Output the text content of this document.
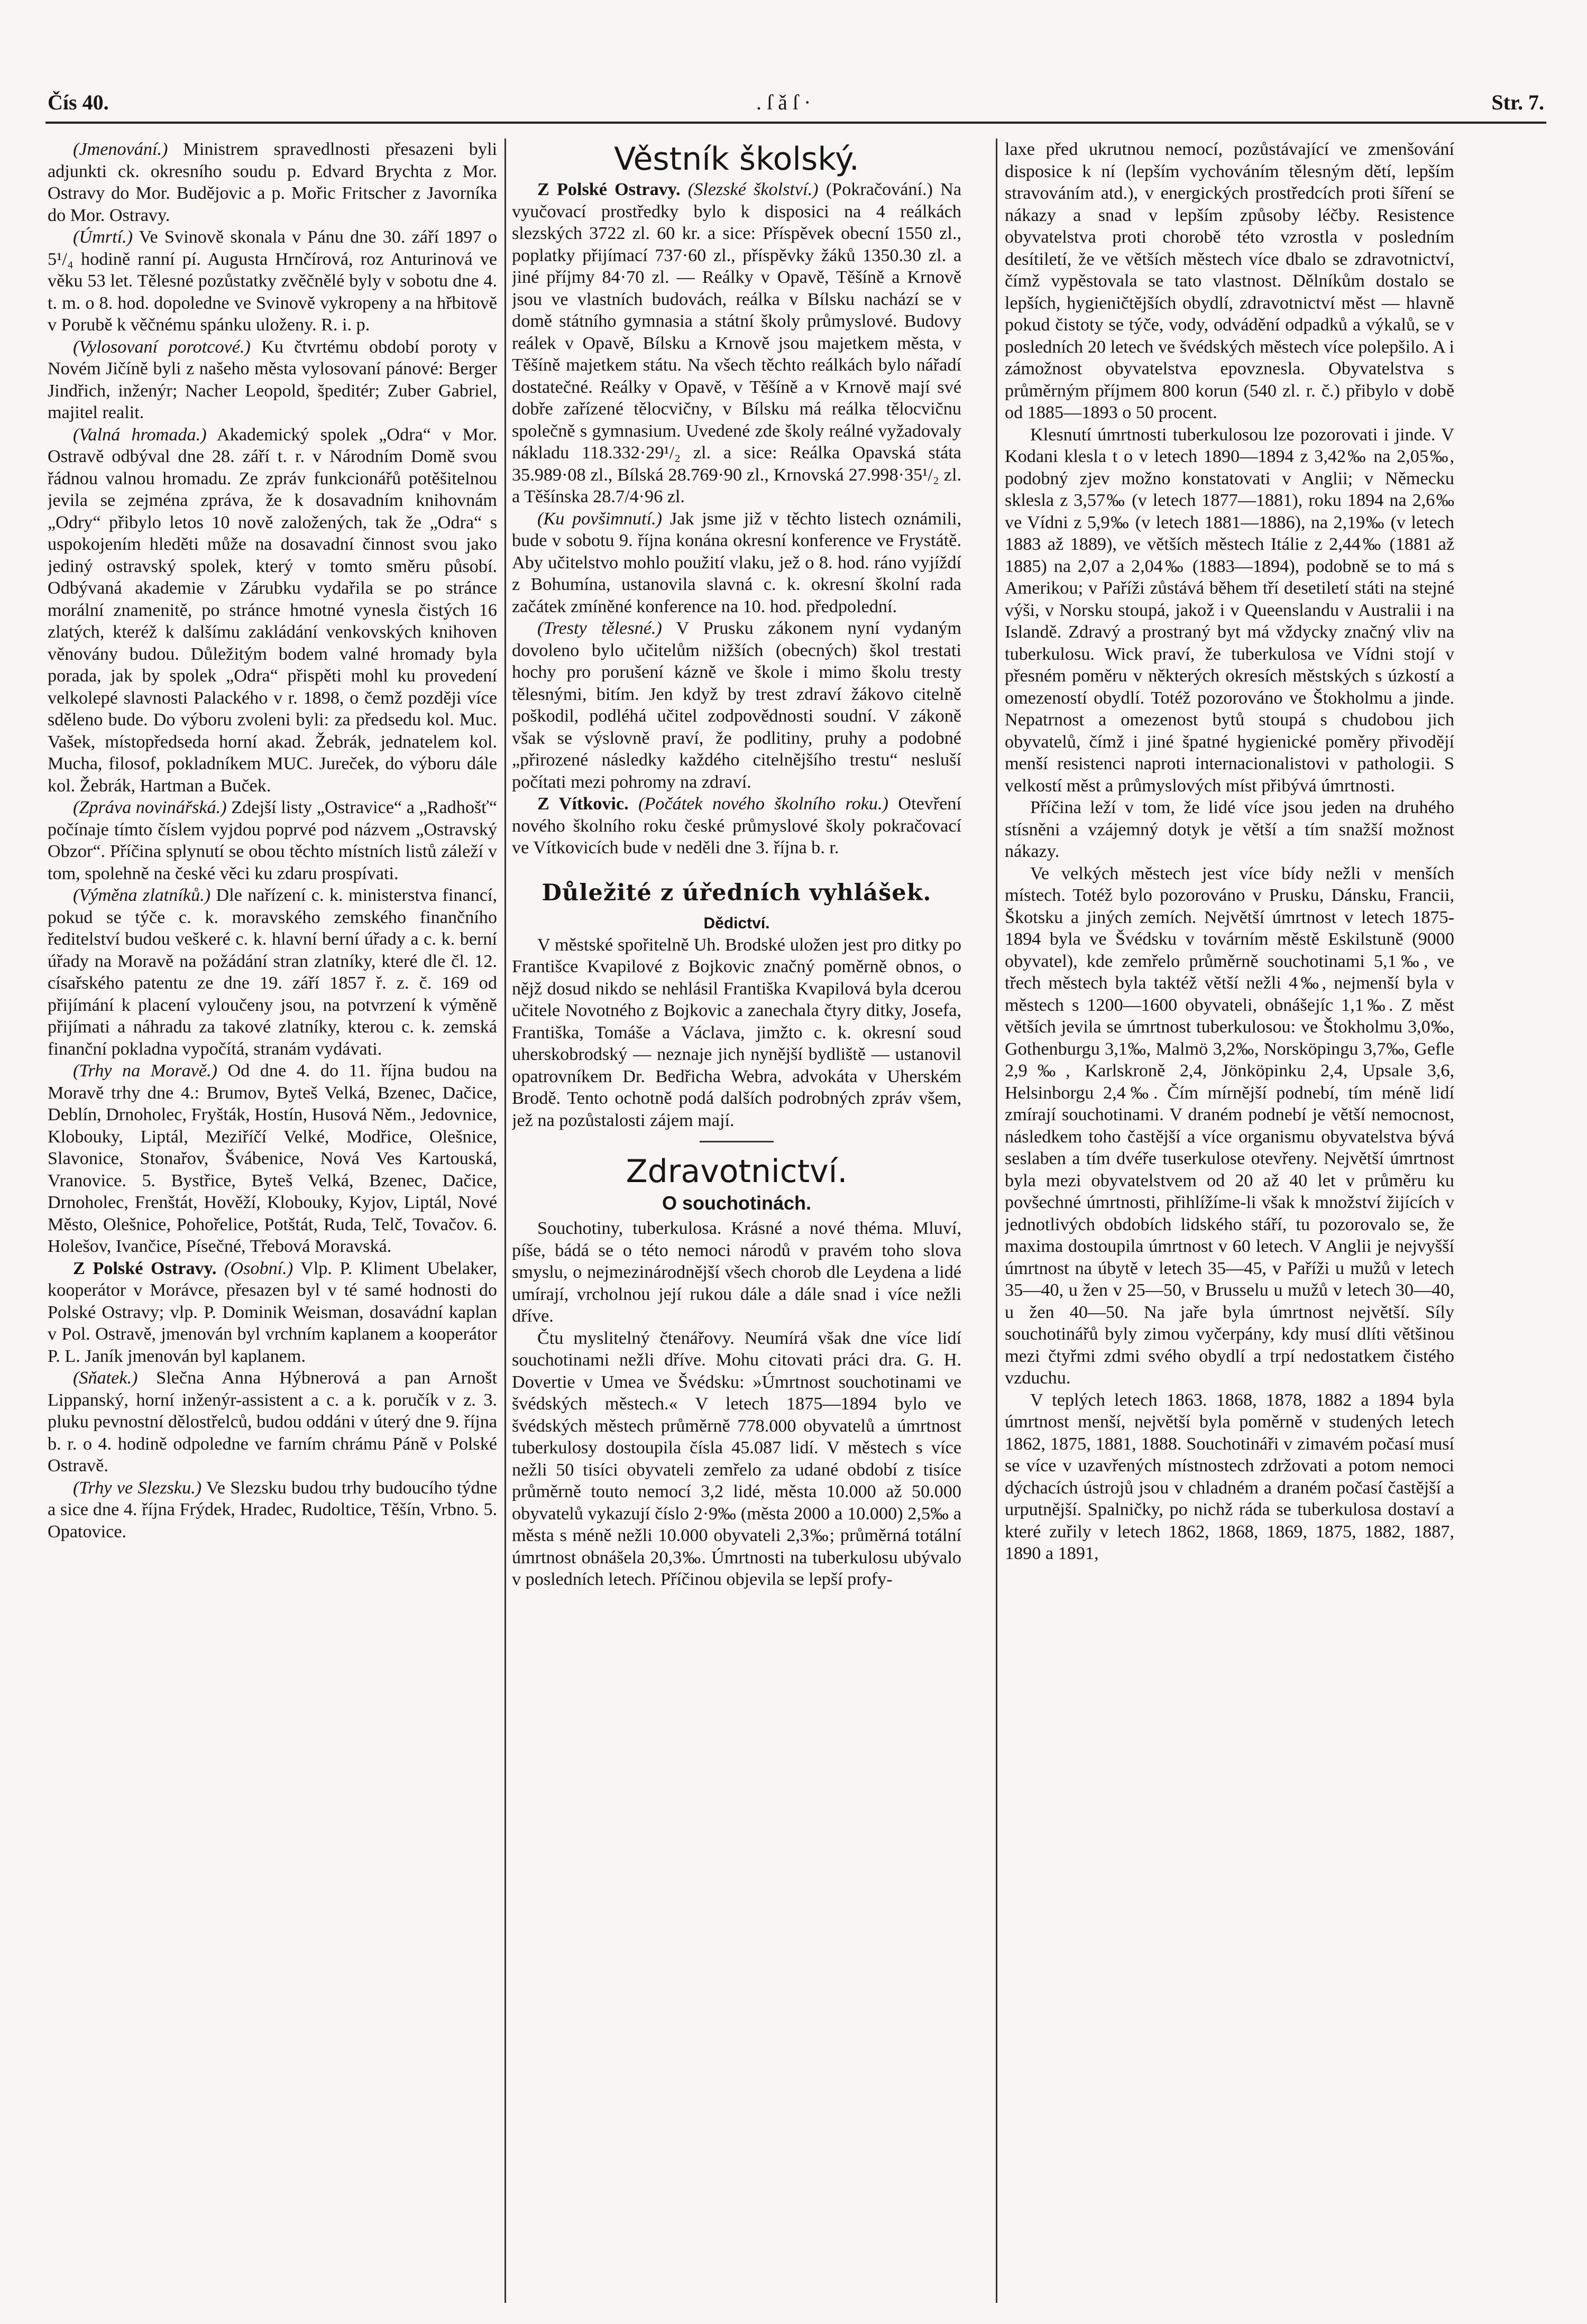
Čís 40.	. ſ ǎ ſ ·	Str. 7.

(Jmenování.) Ministrem spravedlnosti přesazeni byli adjunkti ck. okresního soudu p. Edvard Brychta z Mor. Ostravy do Mor. Budějovic a p. Mořic Fritscher z Javorníka do Mor. Ostravy.

(Úmrtí.) Ve Svinově skonala v Pánu dne 30. září 1897 o 5¹/₄ hodině ranní pí. Augusta Hrnčírová, roz Anturinová ve věku 53 let. Tělesné pozůstatky zvěčnělé byly v sobotu dne 4. t. m. o 8. hod. dopoledne ve Svinově vykropeny a na hřbitově v Porubě k věčnému spánku uloženy. R. i. p.

(Vylosovaní porotcové.) Ku čtvrtému období poroty v Novém Jičíně byli z našeho města vylosovaní pánové: Berger Jindřich, inženýr; Nacher Leopold, špeditér; Zuber Gabriel, majitel realit.

(Valná hromada.) Akademický spolek „Odra“ v Mor. Ostravě odbýval dne 28. září t. r. v Národním Domě svou řádnou valnou hromadu. Ze zpráv funkcionářů potěšitelnou jevila se zejména zpráva, že k dosavadním knihovnám „Odry“ přibylo letos 10 nově založených, tak že „Odra“ s uspokojením hleděti může na dosavadní činnost svou jako jediný ostravský spolek, který v tomto směru působí. Odbývaná akademie v Zárubku vydařila se po stránce morální znamenitě, po stránce hmotné vynesla čistých 16 zlatých, kteréž k dalšímu zakládání venkovských knihoven věnovány budou. Důležitým bodem valné hromady byla porada, jak by spolek „Odra“ přispěti mohl ku provedení velkolepé slavnosti Palackého v r. 1898, o čemž později více sděleno bude. Do výboru zvoleni byli: za předsedu kol. Muc. Vašek, místopředseda horní akad. Žebrák, jednatelem kol. Mucha, filosof, pokladníkem MUC. Jureček, do výboru dále kol. Žebrák, Hartman a Buček.

(Zpráva novinářská.) Zdejší listy „Ostravice“ a „Radhošť“ počínaje tímto číslem vyjdou poprvé pod názvem „Ostravský Obzor“. Příčina splynutí se obou těchto místních listů záleží v tom, spolehně na české věci ku zdaru prospívati.

(Výměna zlatníků.) Dle nařízení c. k. ministerstva financí, pokud se týče c. k. moravského zemského finančního ředitelství budou veškeré c. k. hlavní berní úřady a c. k. berní úřady na Moravě na požádání stran zlatníky, které dle čl. 12. císařského patentu ze dne 19. září 1857 ř. z. č. 169 od přijímání k placení vyloučeny jsou, na potvrzení k výměně přijímati a náhradu za takové zlatníky, kterou c. k. zemská finanční pokladna vypočítá, stranám vydávati.

(Trhy na Moravě.) Od dne 4. do 11. října budou na Moravě trhy dne 4.: Brumov, Byteš Velká, Bzenec, Dačice, Deblín, Drnoholec, Fryšták, Hostín, Husová Něm., Jedovnice, Klobouky, Liptál, Meziříčí Velké, Modřice, Olešnice, Slavonice, Stonařov, Švábenice, Nová Ves Kartouská, Vranovice. 5. Bystřice, Byteš Velká, Bzenec, Dačice, Drnoholec, Frenštát, Hověží, Klobouky, Kyjov, Liptál, Nové Město, Olešnice, Pohořelice, Potštát, Ruda, Telč, Tovačov. 6. Holešov, Ivančice, Písečné, Třebová Moravská.

Z Polské Ostravy. (Osobní.) Vlp. P. Kliment Ubelaker, kooperátor v Morávce, přesazen byl v té samé hodnosti do Polské Ostravy; vlp. P. Dominik Weisman, dosavádní kaplan v Pol. Ostravě, jmenován byl vrchním kaplanem a kooperátor P. L. Janík jmenován byl kaplanem.

(Sňatek.) Slečna Anna Hýbnerová a pan Arnošt Lippanský, horní inženýr-assistent a c. a k. poručík v z. 3. pluku pevnostní dělostřelců, budou oddáni v úterý dne 9. října b. r. o 4. hodině odpoledne ve farním chrámu Páně v Polské Ostravě.

(Trhy ve Slezsku.) Ve Slezsku budou trhy budoucího týdne a sice dne 4. října Frýdek, Hradec, Rudoltice, Těšín, Vrbno. 5. Opatovice.

Věstník školský.

Z Polské Ostravy. (Slezské školství.) (Pokračování.) Na vyučovací prostředky bylo k disposici na 4 reálkách slezských 3722 zl. 60 kr. a sice: Příspěvek obecní 1550 zl., poplatky přijímací 737·60 zl., příspěvky žáků 1350.30 zl. a jiné příjmy 84·70 zl. — Reálky v Opavě, Těšíně a Krnově jsou ve vlastních budovách, reálka v Bílsku nachází se v domě státního gymnasia a státní školy průmyslové. Budovy reálek v Opavě, Bílsku a Krnově jsou majetkem města, v Těšíně majetkem státu. Na všech těchto reálkách bylo nářadí dostatečné. Reálky v Opavě, v Těšíně a v Krnově mají své dobře zařízené tělocvičny, v Bílsku má reálka tělocvičnu společně s gymnasium. Uvedené zde školy reálné vyžadovaly nákladu 118.332·29¹/₂ zl. a sice: Reálka Opavská státa 35.989·08 zl., Bílská 28.769·90 zl., Krnovská 27.998·35¹/₂ zl. a Těšínska 28.7/4·96 zl.

(Ku povšimnutí.) Jak jsme již v těchto listech oznámili, bude v sobotu 9. října konána okresní konference ve Frystátě. Aby učitelstvo mohlo použití vlaku, jež o 8. hod. ráno vyjíždí z Bohumína, ustanovila slavná c. k. okresní školní rada začátek zmíněné konference na 10. hod. předpolední.

(Tresty tělesné.) V Prusku zákonem nyní vydaným dovoleno bylo učitelům nižších (obecných) škol trestati hochy pro porušení kázně ve škole i mimo školu tresty tělesnými, bitím. Jen když by trest zdraví žákovo citelně poškodil, podléhá učitel zodpovědnosti soudní. V zákoně však se výslovně praví, že podlitiny, pruhy a podobné „přirozené následky každého citelnějšího trestu“ nesluší počítati mezi pohromy na zdraví.

Z Vítkovic. (Počátek nového školního roku.) Otevření nového školního roku české průmyslové školy pokračovací ve Vítkovicích bude v neděli dne 3. října b. r.

Důležité z úředních vyhlášek.
Dědictví.

V městské spořitelně Uh. Brodské uložen jest pro ditky po Františce Kvapilové z Bojkovic značný poměrně obnos, o nějž dosud nikdo se nehlásil Františka Kvapilová byla dcerou učitele Novotného z Bojkovic a zanechala čtyry ditky, Josefa, Františka, Tomáše a Václava, jimžto c. k. okresní soud uherskobrodský — neznaje jich nynější bydliště — ustanovil opatrovníkem Dr. Bedřicha Webra, advokáta v Uherském Brodě. Tento ochotně podá dalších podrobných zpráv všem, jež na pozůstalosti zájem mají.

Zdravotnictví.
O souchotinách.

Souchotiny, tuberkulosa. Krásné a nové théma. Mluví, píše, bádá se o této nemoci národů v pravém toho slova smyslu, o nejmezinárodnější všech chorob dle Leydena a lidé umírají, vrcholnou její rukou dále a dále snad i více nežli dříve.

Čtu myslitelný čtenářovy. Neumírá však dne více lidí souchotinami nežli dříve. Mohu citovati práci dra. G. H. Dovertie v Umea ve Švédsku: »Úmrtnost souchotinami ve švédských městech.« V letech 1875—1894 bylo ve švédských městech průměrně 778.000 obyvatelů a úmrtnost tuberkulosy dostoupila čísla 45.087 lidí. V městech s více nežli 50 tisíci obyvateli zemřelo za udané období z tisíce průměrně touto nemocí 3,2 lidé, města 10.000 až 50.000 obyvatelů vykazují číslo 2·9‰ (města 2000 a 10.000) 2,5‰ a města s méně nežli 10.000 obyvateli 2,3‰; průměrná totální úmrtnost obnášela 20,3‰. Úmrtnosti na tuberkulosu ubývalo v posledních letech. Příčinou objevila se lepší profy-

laxe před ukrutnou nemocí, pozůstávající ve zmenšování disposice k ní (lepším vychováním tělesným dětí, lepším stravováním atd.), v energických prostředcích proti šíření se nákazy a snad v lepším způsoby léčby. Resistence obyvatelstva proti chorobě této vzrostla v posledním desítiletí, že ve větších městech více dbalo se zdravotnictví, čímž vypěstovala se tato vlastnost. Dělníkům dostalo se lepších, hygieničtějších obydlí, zdravotnictví měst — hlavně pokud čistoty se týče, vody, odvádění odpadků a výkalů, se v posledních 20 letech ve švédských městech více polepšilo. A i zámožnost obyvatelstva epovznesla. Obyvatelstva s průměrným příjmem 800 korun (540 zl. r. č.) přibylo v době od 1885—1893 o 50 procent.

Klesnutí úmrtnosti tuberkulosou lze pozorovati i jinde. V Kodani klesla t o v letech 1890—1894 z 3,42‰ na 2,05‰, podobný zjev možno konstatovati v Anglii; v Německu sklesla z 3,57‰ (v letech 1877—1881), roku 1894 na 2,6‰ ve Vídni z 5,9‰ (v letech 1881—1886), na 2,19‰ (v letech 1883 až 1889), ve větších městech Itálie z 2,44‰ (1881 až 1885) na 2,07 a 2,04‰ (1883—1894), podobně se to má s Amerikou; v Paříži zůstává během tří desetiletí státi na stejné výši, v Norsku stoupá, jakož i v Queenslandu v Australii i na Islandě. Zdravý a prostraný byt má vždycky značný vliv na tuberkulosu. Wick praví, že tuberkulosa ve Vídni stojí v přesném poměru v některých okresích městských s úzkostí a omezeností obydlí. Totéž pozorováno ve Štokholmu a jinde. Nepatrnost a omezenost bytů stoupá s chudobou jich obyvatelů, čímž i jiné špatné hygienické poměry přivodějí menší resistenci naproti internacionalistovi v pathologii. S velkostí měst a průmyslových míst přibývá úmrtnosti.

Příčina leží v tom, že lidé více jsou jeden na druhého stísněni a vzájemný dotyk je větší a tím snažší možnost nákazy.

Ve velkých městech jest více bídy nežli v menších místech. Totéž bylo pozorováno v Prusku, Dánsku, Francii, Škotsku a jiných zemích. Největší úmrtnost v letech 1875-1894 byla ve Švédsku v továrním městě Eskilstuně (9000 obyvatel), kde zemřelo průměrně souchotinami 5,1‰, ve třech městech byla taktéž větší nežli 4‰, nejmenší byla v městech s 1200—1600 obyvateli, obnášejíc 1,1‰. Z měst větších jevila se úmrtnost tuberkulosou: ve Štokholmu 3,0‰, Gothenburgu 3,1‰, Malmö 3,2‰, Norsköpingu 3,7‰, Gefle 2,9‰, Karlskroně 2,4, Jönköpinku 2,4, Upsale 3,6, Helsinborgu 2,4‰. Čím mírnější podnebí, tím méně lidí zmírají souchotinami. V draném podnebí je větší nemocnost, následkem toho častější a více organismu obyvatelstva bývá seslaben a tím dvéře tuserkulose otevřeny. Největší úmrtnost byla mezi obyvatelstvem od 20 až 40 let v průměru ku povšechné úmrtnosti, přihlížíme-li však k množství žijících v jednotlivých obdobích lidského stáří, tu pozorovalo se, že maxima dostoupila úmrtnost v 60 letech. V Anglii je nejvyšší úmrtnost na úbytě v letech 35—45, v Paříži u mužů v letech 35—40, u žen v 25—50, v Brusselu u mužů v letech 30—40, u žen 40—50. Na jaře byla úmrtnost největší. Síly souchotinářů byly zimou vyčerpány, kdy musí dlíti většinou mezi čtyřmi zdmi svého obydlí a trpí nedostatkem čistého vzduchu.

V teplých letech 1863. 1868, 1878, 1882 a 1894 byla úmrtnost menší, největší byla poměrně v studených letech 1862, 1875, 1881, 1888. Souchotináři v zimavém počasí musí se více v uzavřených místnostech zdržovati a potom nemoci dýchacích ústrojů jsou v chladném a draném počasí častější a urputnější. Spalničky, po nichž ráda se tuberkulosa dostaví a které zuřily v letech 1862, 1868, 1869, 1875, 1882, 1887, 1890 a 1891,
